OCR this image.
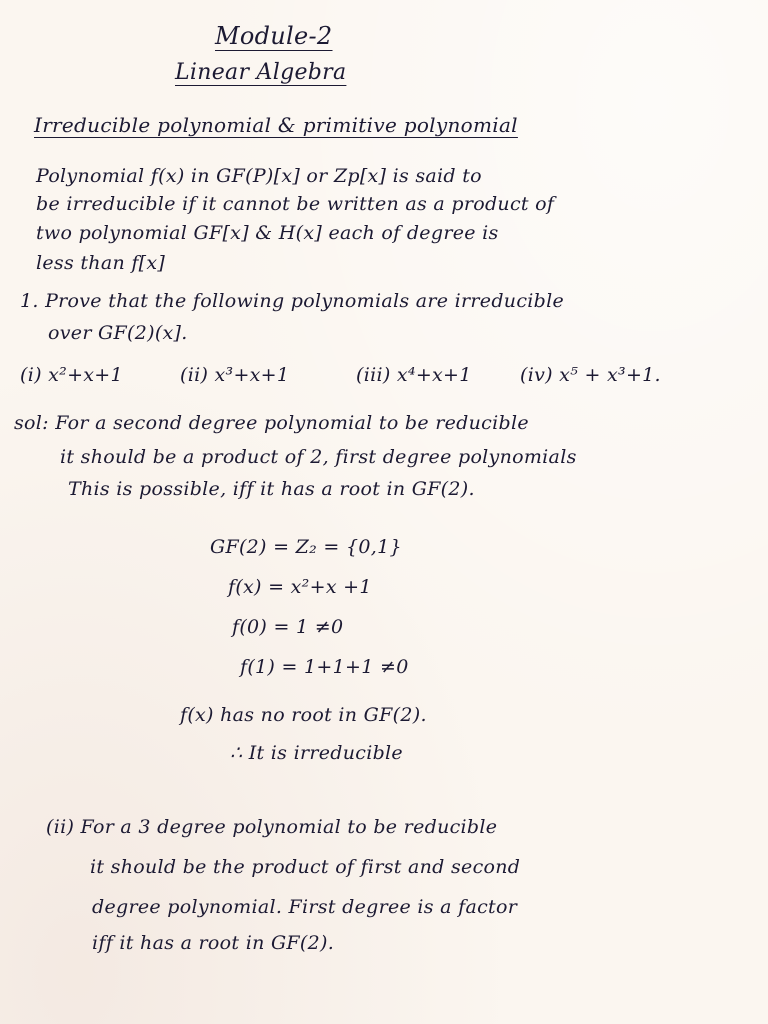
Module-2
Linear Algebra
Irreducible polynomial & primitive polynomial
Polynomial f(x) in GF(P)[x] or Zp[x] is said to
be irreducible if it cannot be written as a product of
two polynomial GF[x] & H(x] each of degree is
less than f[x]
1. Prove that the following polynomials are irreducible
over GF(2)(x].
(i) x²+x+1	(ii) x³+x+1	(iii) x⁴+x+1	(iv) x⁵ + x³+1.
sol: For a second degree polynomial to be reducible
it should be a product of 2, first degree polynomials
This is possible, iff it has a root in GF(2).
GF(2) = Z₂ = {0,1}
f(x) = x²+x +1
f(0) = 1 ≠0
f(1) = 1+1+1 ≠0
f(x) has no root in GF(2).
∴ It is irreducible
(ii) For a 3 degree polynomial to be reducible
it should be the product of first and second
degree polynomial. First degree is a factor
iff it has a root in GF(2).
